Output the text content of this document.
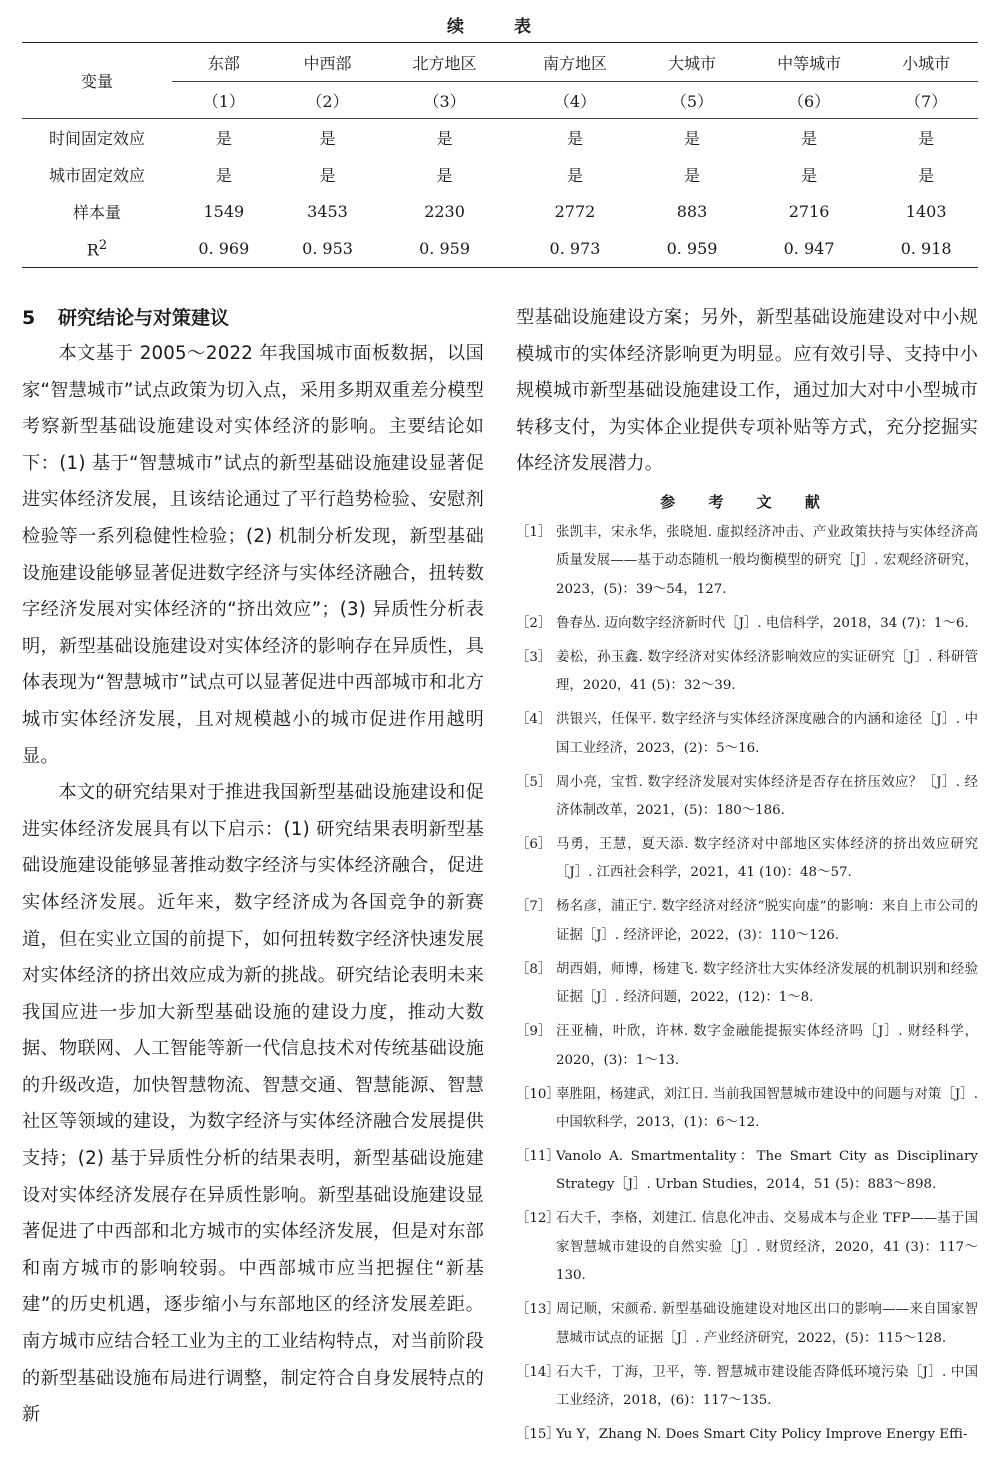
续 表
变量	东部	中西部	北方地区	南方地区	大城市	中等城市	小城市
	（1）	（2）	（3）	（4）	（5）	（6）	（7）
时间固定效应	是	是	是	是	是	是	是
城市固定效应	是	是	是	是	是	是	是
样本量	1549	3453	2230	2772	883	2716	1403
$R^2$	0. 969	0. 953	0. 959	0. 973	0. 959	0. 947	0. 918
5 研究结论与对策建议

本文基于 2005～2022 年我国城市面板数据，以国家“智慧城市”试点政策为切入点，采用多期双重差分模型考察新型基础设施建设对实体经济的影响。主要结论如下：(1) 基于“智慧城市”试点的新型基础设施建设显著促进实体经济发展，且该结论通过了平行趋势检验、安慰剂检验等一系列稳健性检验；(2) 机制分析发现，新型基础设施建设能够显著促进数字经济与实体经济融合，扭转数字经济发展对实体经济的“挤出效应”；(3) 异质性分析表明，新型基础设施建设对实体经济的影响存在异质性，具体表现为“智慧城市”试点可以显著促进中西部城市和北方城市实体经济发展，且对规模越小的城市促进作用越明显。

本文的研究结果对于推进我国新型基础设施建设和促进实体经济发展具有以下启示：(1) 研究结果表明新型基础设施建设能够显著推动数字经济与实体经济融合，促进实体经济发展。近年来，数字经济成为各国竞争的新赛道，但在实业立国的前提下，如何扭转数字经济快速发展对实体经济的挤出效应成为新的挑战。研究结论表明未来我国应进一步加大新型基础设施的建设力度，推动大数据、物联网、人工智能等新一代信息技术对传统基础设施的升级改造，加快智慧物流、智慧交通、智慧能源、智慧社区等领域的建设，为数字经济与实体经济融合发展提供支持；(2) 基于异质性分析的结果表明，新型基础设施建设对实体经济发展存在异质性影响。新型基础设施建设显著促进了中西部和北方城市的实体经济发展，但是对东部和南方城市的影响较弱。中西部城市应当把握住“新基建”的历史机遇，逐步缩小与东部地区的经济发展差距。南方城市应结合轻工业为主的工业结构特点，对当前阶段的新型基础设施布局进行调整，制定符合自身发展特点的新

型基础设施建设方案；另外，新型基础设施建设对中小规模城市的实体经济影响更为明显。应有效引导、支持中小规模城市新型基础设施建设工作，通过加大对中小型城市转移支付，为实体企业提供专项补贴等方式，充分挖掘实体经济发展潜力。

参 考 文 献

［1］ 张凯丰，宋永华，张晓旭. 虚拟经济冲击、产业政策扶持与实体经济高质量发展——基于动态随机一般均衡模型的研究［J］. 宏观经济研究，2023，(5)：39～54，127.

［2］ 鲁春丛. 迈向数字经济新时代［J］. 电信科学，2018，34 (7)：1～6.

［3］ 姜松，孙玉鑫. 数字经济对实体经济影响效应的实证研究［J］. 科研管理，2020，41 (5)：32～39.

［4］ 洪银兴，任保平. 数字经济与实体经济深度融合的内涵和途径［J］. 中国工业经济，2023，(2)：5～16.

［5］ 周小亮，宝哲. 数字经济发展对实体经济是否存在挤压效应？［J］. 经济体制改革，2021，(5)：180～186.

［6］ 马勇，王慧，夏天添. 数字经济对中部地区实体经济的挤出效应研究［J］. 江西社会科学，2021，41 (10)：48～57.

［7］ 杨名彦，浦正宁. 数字经济对经济“脱实向虚”的影响：来自上市公司的证据［J］. 经济评论，2022，(3)：110～126.

［8］ 胡西娟，师博，杨建飞. 数字经济壮大实体经济发展的机制识别和经验证据［J］. 经济问题，2022，(12)：1～8.

［9］ 汪亚楠，叶欣，许林. 数字金融能提振实体经济吗［J］. 财经科学，2020，(3)：1～13.

［10］
辜胜阻，杨建武，刘江日. 当前我国智慧城市建设中的问题与对策［J］. 中国软科学，2013，(1)：6～12.

［11］
Vanolo A. Smartmentality：The Smart City as Disciplinary Strategy［J］. Urban Studies，2014，51 (5)：883～898.

［12］
石大千，李格，刘建江. 信息化冲击、交易成本与企业 TFP——基于国家智慧城市建设的自然实验［J］. 财贸经济，2020，41 (3)：117～130.

［13］
周记顺，宋颜希. 新型基础设施建设对地区出口的影响——来自国家智慧城市试点的证据［J］. 产业经济研究，2022，(5)：115～128.

［14］
石大千，丁海，卫平，等. 智慧城市建设能否降低环境污染［J］. 中国工业经济，2018，(6)：117～135.

［15］
Yu Y，Zhang N. Does Smart City Policy Improve Energy Effi-
